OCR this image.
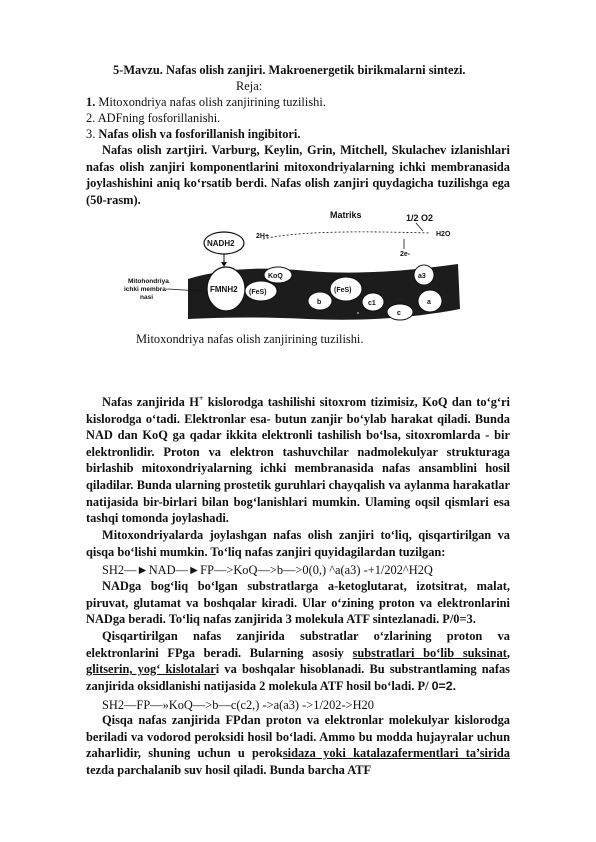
5-Mavzu. Nafas olish zanjiri. Makroenergetik birikmalarni sintezi.
Reja:
1. Mitoxondriya nafas olish zanjirining tuzilishi.
2. ADFning fosforillanishi.
3. Nafas olish va fosforillanish ingibitori.
Nafas olish zartjiri. Varburg, Keylin, Grin, Mitchell, Skulachev izlanishlari nafas olish zanjiri komponentlarini mitoxondriyalarning ichki membranasida joylashishini aniq ko‘rsatib berdi. Nafas olish zanjiri quydagicha tuzilishga ega (50-rasm).
Matriks	1/2 O2
H2O
2H+
2e-
NADH2
FMNH2 (FeS)
KoQ
b
(FeS)
c1
c
a3
a
Mitohondriya
ichki membra-
nasi
Mitoxondriya nafas olish zanjirining tuzilishi.
Nafas zanjirida H+ kislorodga tashilishi sitoxrom tizimisiz, KoQ dan to‘g‘ri kislorodga o‘tadi. Elektronlar esa- butun zanjir bo‘ylab harakat qiladi. Bunda NAD dan KoQ ga qadar ikkita elektronli tashilish bo‘lsa, sitoxromlarda - bir elektronlidir. Proton va elektron tashuvchilar nadmolekulyar strukturaga birlashib mitoxondriyalarning ichki membranasida nafas ansamblini hosil qiladilar. Bunda ularning prostetik guruhlari chayqalish va aylanma harakatlar natijasida bir-birlari bilan bog‘lanishlari mumkin. Ulaming oqsil qismlari esa tashqi tomonda joylashadi.
Mitoxondriyalarda joylashgan nafas olish zanjiri to‘liq, qisqartirilgan va qisqa bo‘lishi mumkin. To‘liq nafas zanjiri quyidagilardan tuzilgan:
SH2—►NAD—►FP—>KoQ—>b—>0(0,) ^a(a3) -+1/202^H2Q
NADga bog‘liq bo‘lgan substratlarga a-ketoglutarat, izotsitrat, malat, piruvat, glutamat va boshqalar kiradi. Ular o‘zining proton va elektronlarini NADga beradi. To‘liq nafas zanjirida 3 molekula ATF sintezlanadi. P/0=3.
Qisqartirilgan nafas zanjirida substratlar o‘zlarining proton va elektronlarini FPga beradi. Bularning asosiy substratlari bo‘lib suksinat, glitserin, yog‘ kislotalari va boshqalar hisoblanadi. Bu substrantlaming nafas zanjirida oksidlanishi natijasida 2 molekula ATF hosil bo‘ladi. P/ 0=2.
SH2—FP—»KoQ—>b—c(c2,) ->a(a3) ->1/202->H20
Qisqa nafas zanjirida FPdan proton va elektronlar molekulyar kislorodga beriladi va vodorod peroksidi hosil bo‘ladi. Ammo bu modda hujayralar uchun zaharlidir, shuning uchun u peroksidaza yoki katalazafermentlari ta’sirida tezda parchalanib suv hosil qiladi. Bunda barcha ATF
